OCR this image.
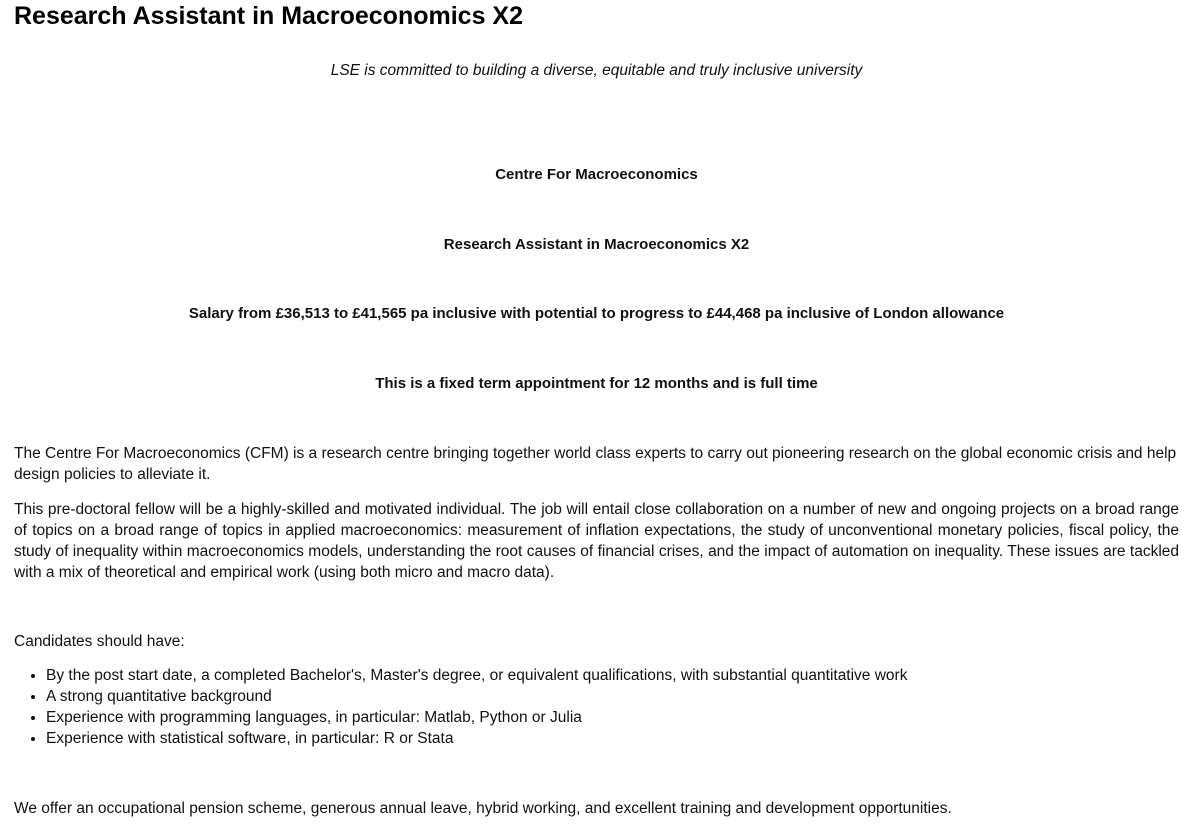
Research Assistant in Macroeconomics X2
LSE is committed to building a diverse, equitable and truly inclusive university
Centre For Macroeconomics
Research Assistant in Macroeconomics X2
Salary from £36,513 to £41,565 pa inclusive with potential to progress to £44,468 pa inclusive of London allowance
This is a fixed term appointment for 12 months and is full time

The Centre For Macroeconomics (CFM) is a research centre bringing together world class experts to carry out pioneering research on the global economic crisis and help design policies to alleviate it.

This pre-doctoral fellow will be a highly-skilled and motivated individual. The job will entail close collaboration on a number of new and ongoing projects on a broad range of topics on a broad range of topics in applied macroeconomics: measurement of inflation expectations, the study of unconventional monetary policies, fiscal policy, the study of inequality within macroeconomics models, understanding the root causes of financial crises, and the impact of automation on inequality. These issues are tackled with a mix of theoretical and empirical work (using both micro and macro data).

Candidates should have:

• By the post start date, a completed Bachelor's, Master's degree, or equivalent qualifications, with substantial quantitative work
• A strong quantitative background
• Experience with programming languages, in particular: Matlab, Python or Julia
• Experience with statistical software, in particular: R or Stata

We offer an occupational pension scheme, generous annual leave, hybrid working, and excellent training and development opportunities.
